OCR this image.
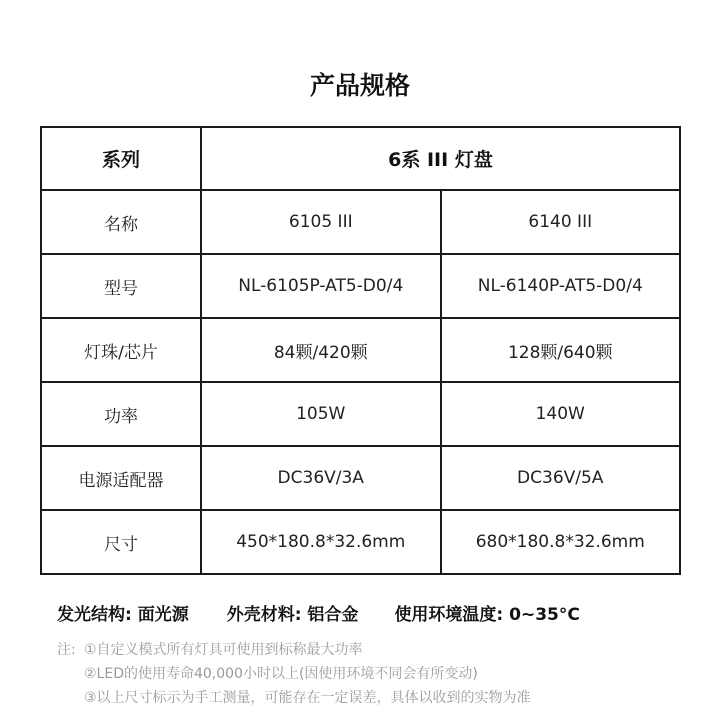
产品规格
系列	6系 III 灯盘	
名称	6105 III	6140 III
型号	NL-6105P-AT5-D0/4	NL-6140P-AT5-D0/4
灯珠/芯片	84颗/420颗	128颗/640颗
功率	105W	140W
电源适配器	DC36V/3A	DC36V/5A
尺寸	450*180.8*32.6mm	680*180.8*32.6mm
发光结构: 面光源 外壳材料: 铝合金 使用环境温度: 0~35°C
注: ①自定义模式所有灯具可使用到标称最大功率
②LED的使用寿命40,000小时以上(因使用环境不同会有所变动)
③以上尺寸标示为手工测量，可能存在一定误差，具体以收到的实物为准
